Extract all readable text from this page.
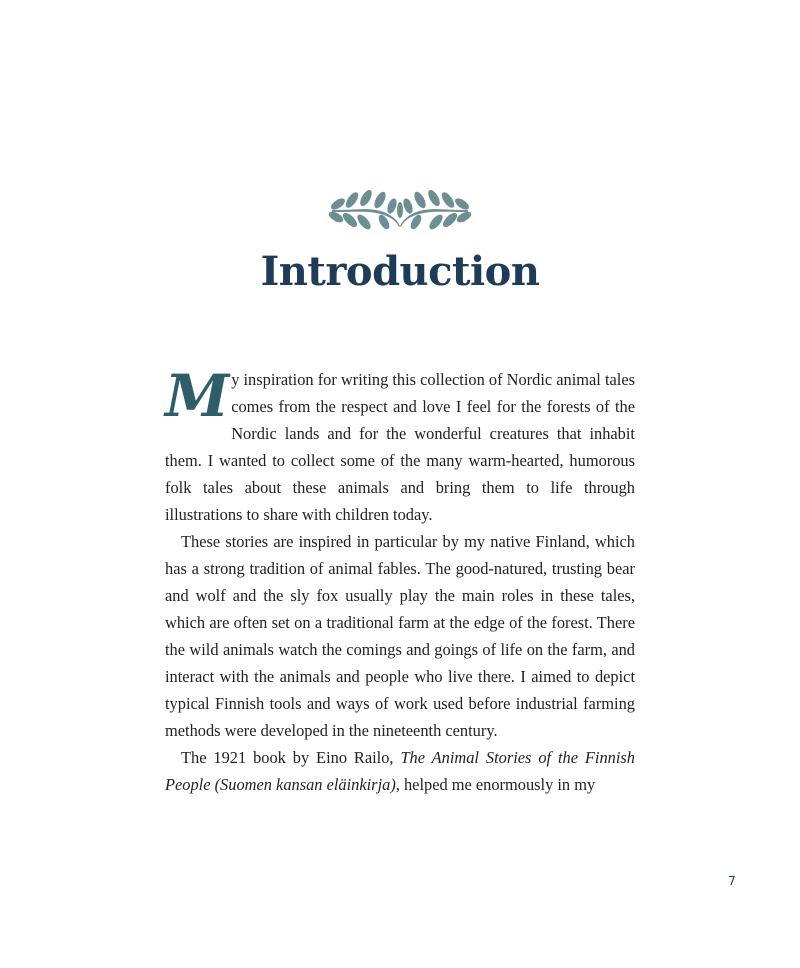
Introduction

My inspiration for writing this collection of Nordic animal tales comes from the respect and love I feel for the forests of the Nordic lands and for the wonderful creatures that inhabit them. I wanted to collect some of the many warm-hearted, humorous folk tales about these animals and bring them to life through illustrations to share with children today.

These stories are inspired in particular by my native Finland, which has a strong tradition of animal fables. The good-natured, trusting bear and wolf and the sly fox usually play the main roles in these tales, which are often set on a traditional farm at the edge of the forest. There the wild animals watch the comings and goings of life on the farm, and interact with the animals and people who live there. I aimed to depict typical Finnish tools and ways of work used before industrial farming methods were developed in the nineteenth century.

The 1921 book by Eino Railo, The Animal Stories of the Finnish People (Suomen kansan eläinkirja), helped me enormously in my

7
